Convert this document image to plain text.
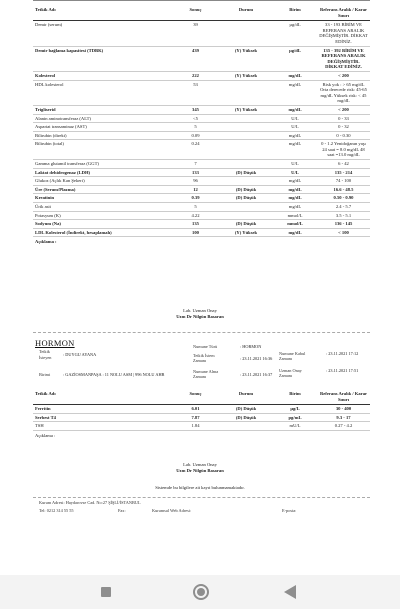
Tetkik Adı	Sonuç	Durum	Birim	Referans Aralık / Karar Sınırı
Demir (serum)	39		µg/dL	33 - 193 BİRİM VE REFERANS ARALIK DEĞİŞMİŞTİR. DİKKAT EDİNİZ.
Demir bağlama kapasitesi (TDBK)	439	(Y) Yüksek	µg/dL	135 - 392 BİRİM VE REFERANS ARALIK DEĞİŞMİŞTİR. DİKKAT EDİNİZ.
Kolesterol	222	(Y) Yüksek	mg/dL	< 200
HDL kolesterol	53		mg/dL	Risk yok : > 65 mg/dL Orta derecede risk: 45-65 mg/dL Yüksek risk: < 45 mg/dL
Trigliserid	345	(Y) Yüksek	mg/dL	< 200
Alanin aminotransferaz (ALT)	<5		U/L	0 - 33
Aspartat transaminaz (AST)	5		U/L	0 - 32
Bilirubin (direkt)	0.09		mg/dL	0 - 0.30
Bilirubin (total)	0.24		mg/dL	0 - 1.2 Yenidoğanın yaşı 24 saat = 8.0 mg/dL 48 saat =13.0 mg/dL
Gamma glutamil transferaz (GGT)	7		U/L	6 - 42
Laktat dehidrogenaz (LDH)	133	(D) Düşük	U/L	135 - 214
Glukoz (Açlık Kan Şekeri)	96		mg/dL	74 - 100
Üre (Serum/Plazma)	12	(D) Düşük	mg/dL	16.6 - 48.5
Kreatinin	0.39	(D) Düşük	mg/dL	0.50 - 0.90
Ürik asit	5		mg/dL	2.4 - 5.7
Potasyum (K)	4.22		mmol/L	3.5 - 5.1
Sodyum (Na)	135	(D) Düşük	mmol/L	136 - 145
LDL Kolesterol (İndirekt, hesaplamalı)	100	(Y) Yüksek	mg/dL	< 100
Açıklama :				
Lab. Uzman Onay
Uzm Dr Nilgün Basaran
HORMON
Tetkik
İsteyen
: DUYGU AYANA
Birimi	: GAZİOSMANPAŞA : 11 NOLU ASM | 996 NOLU AHB
Numune Türü	: HORMON
Tetkik İstem Zamanı	: 23.11.2021 16:36
Numune Alma Zamanı	: 23.11.2021 16:37
Numune Kabul Zamanı
: 23.11.2021 17:12
Uzman Onay Zamanı
: 23.11.2021 17:51
Tetkik Adı	Sonuç	Durum	Birim	Referans Aralık / Karar Sınırı
Ferritin	6.01	(D) Düşük	µg/L	30 - 400
Serbest T4	7.87	(D) Düşük	pg/mL	9.3 - 17
TSH	1.84		mU/L	0.27 - 4.2
Açıklama :				
Lab. Uzman Onay
Uzm Dr Nilgün Basaran
Sistemde bu bilgilere ait kayıt bulunmamaktadır.
Kurum Adresi: Haydarovse Cad. No:27 ŞİŞLİ/İSTANBUL
Tel: 0212 314 55 55	Fax:	Kurumsal Web Adresi:	E-posta:
